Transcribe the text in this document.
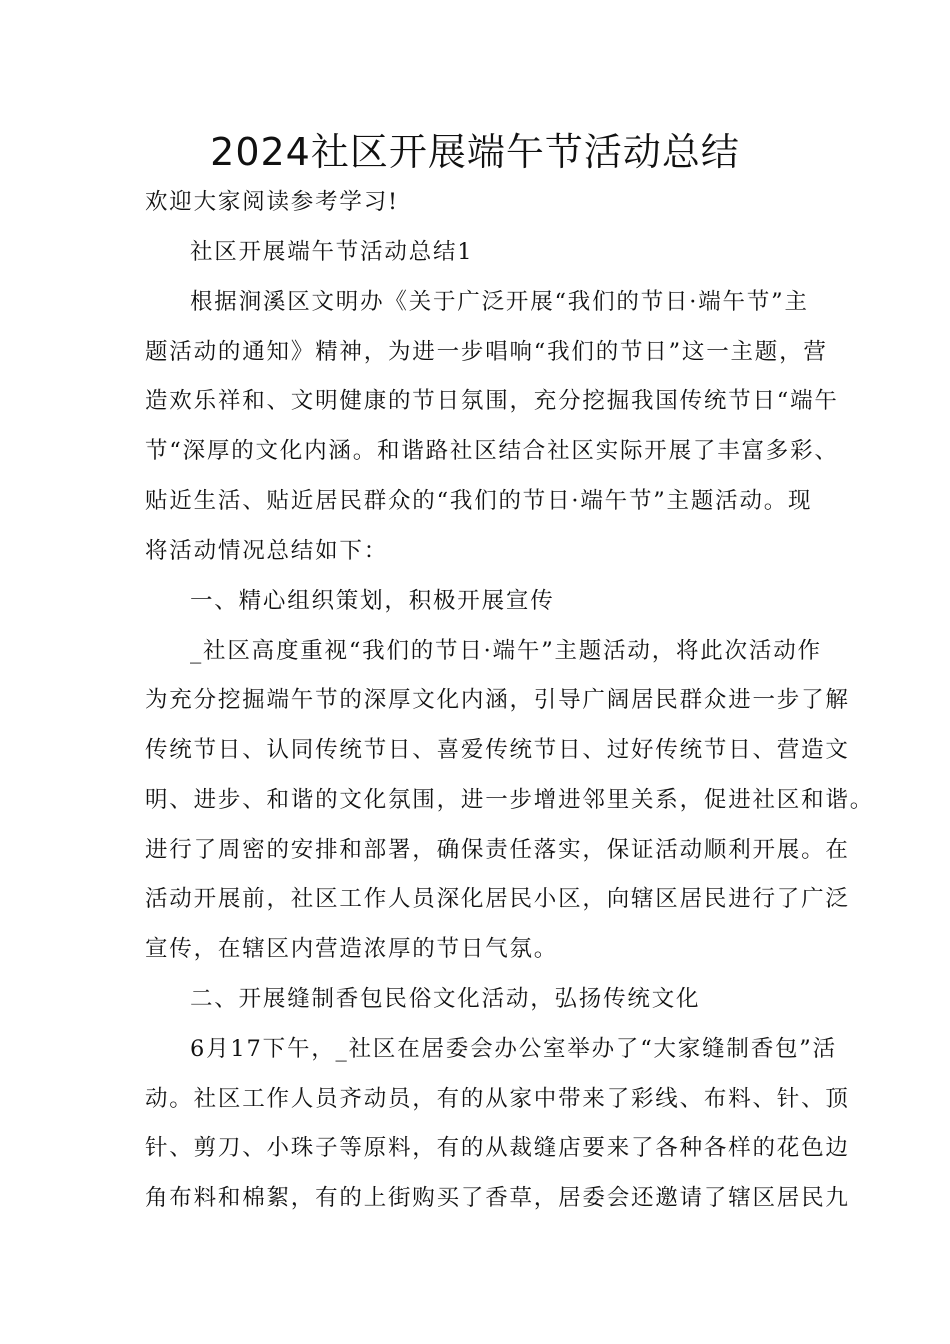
2024社区开展端午节活动总结
欢迎大家阅读参考学习!
社区开展端午节活动总结1
根据涧溪区文明办《关于广泛开展“我们的节日·端午节”主
题活动的通知》精神，为进一步唱响“我们的节日”这一主题，营
造欢乐祥和、文明健康的节日氛围，充分挖掘我国传统节日“端午
节“深厚的文化内涵。和谐路社区结合社区实际开展了丰富多彩、
贴近生活、贴近居民群众的“我们的节日·端午节”主题活动。现
将活动情况总结如下：
一、精心组织策划，积极开展宣传
_社区高度重视“我们的节日·端午”主题活动，将此次活动作
为充分挖掘端午节的深厚文化内涵，引导广阔居民群众进一步了解
传统节日、认同传统节日、喜爱传统节日、过好传统节日、营造文
明、进步、和谐的文化氛围，进一步增进邻里关系，促进社区和谐。
进行了周密的安排和部署，确保责任落实，保证活动顺利开展。在
活动开展前，社区工作人员深化居民小区，向辖区居民进行了广泛
宣传，在辖区内营造浓厚的节日气氛。
二、开展缝制香包民俗文化活动，弘扬传统文化
6月17下午，_社区在居委会办公室举办了“大家缝制香包”活
动。社区工作人员齐动员，有的从家中带来了彩线、布料、针、顶
针、剪刀、小珠子等原料，有的从裁缝店要来了各种各样的花色边
角布料和棉絮，有的上街购买了香草，居委会还邀请了辖区居民九
